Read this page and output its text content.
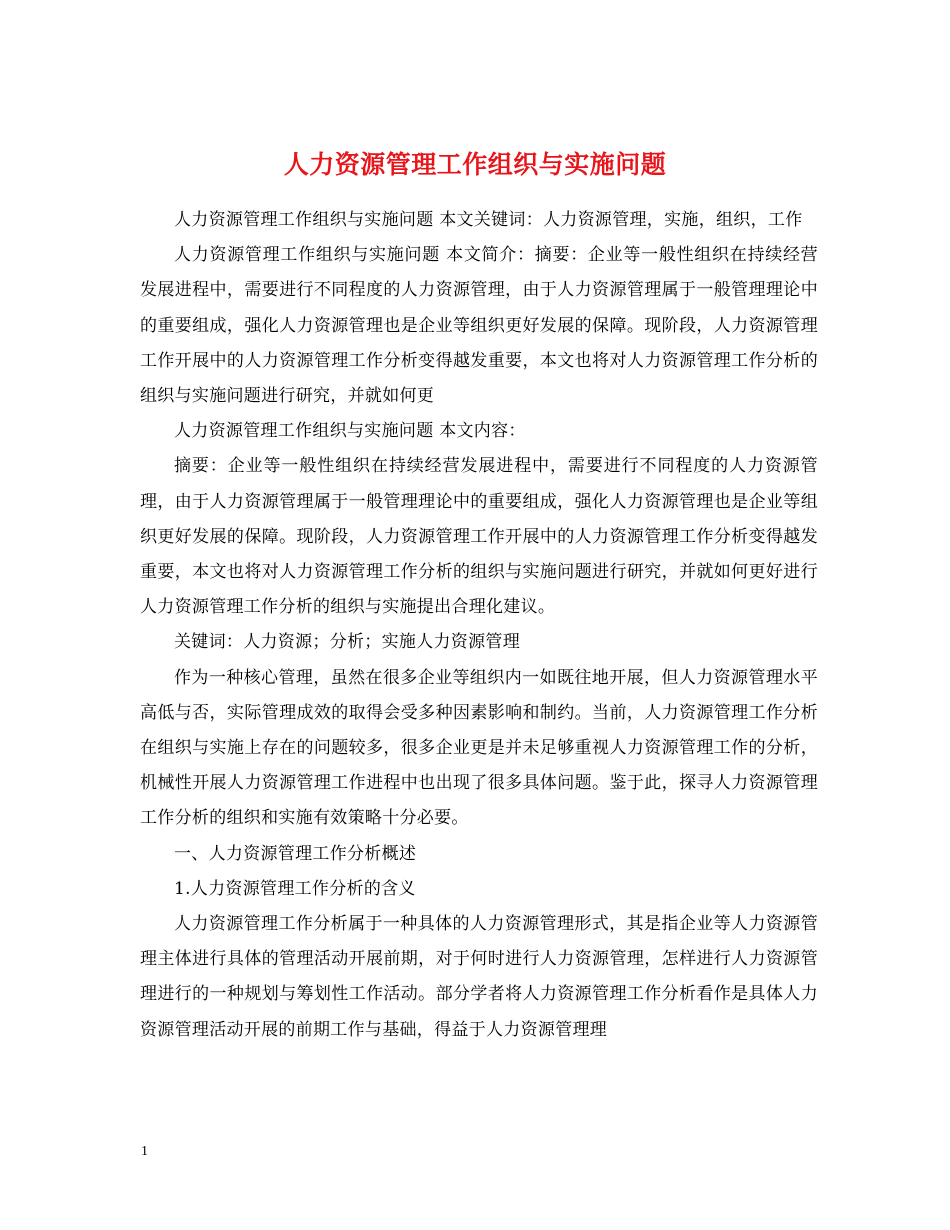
人力资源管理工作组织与实施问题

人力资源管理工作组织与实施问题 本文关键词：人力资源管理，实施，组织，工作

人力资源管理工作组织与实施问题 本文简介：摘要：企业等一般性组织在持续经营发展进程中，需要进行不同程度的人力资源管理，由于人力资源管理属于一般管理理论中的重要组成，强化人力资源管理也是企业等组织更好发展的保障。现阶段，人力资源管理工作开展中的人力资源管理工作分析变得越发重要，本文也将对人力资源管理工作分析的组织与实施问题进行研究，并就如何更

人力资源管理工作组织与实施问题 本文内容：

摘要：企业等一般性组织在持续经营发展进程中，需要进行不同程度的人力资源管理，由于人力资源管理属于一般管理理论中的重要组成，强化人力资源管理也是企业等组织更好发展的保障。现阶段，人力资源管理工作开展中的人力资源管理工作分析变得越发重要，本文也将对人力资源管理工作分析的组织与实施问题进行研究，并就如何更好进行人力资源管理工作分析的组织与实施提出合理化建议。

关键词：人力资源；分析；实施人力资源管理

作为一种核心管理，虽然在很多企业等组织内一如既往地开展，但人力资源管理水平高低与否，实际管理成效的取得会受多种因素影响和制约。当前，人力资源管理工作分析在组织与实施上存在的问题较多，很多企业更是并未足够重视人力资源管理工作的分析，机械性开展人力资源管理工作进程中也出现了很多具体问题。鉴于此，探寻人力资源管理工作分析的组织和实施有效策略十分必要。

一、人力资源管理工作分析概述

1.人力资源管理工作分析的含义

人力资源管理工作分析属于一种具体的人力资源管理形式，其是指企业等人力资源管理主体进行具体的管理活动开展前期，对于何时进行人力资源管理，怎样进行人力资源管理进行的一种规划与筹划性工作活动。部分学者将人力资源管理工作分析看作是具体人力资源管理活动开展的前期工作与基础，得益于人力资源管理理

1
